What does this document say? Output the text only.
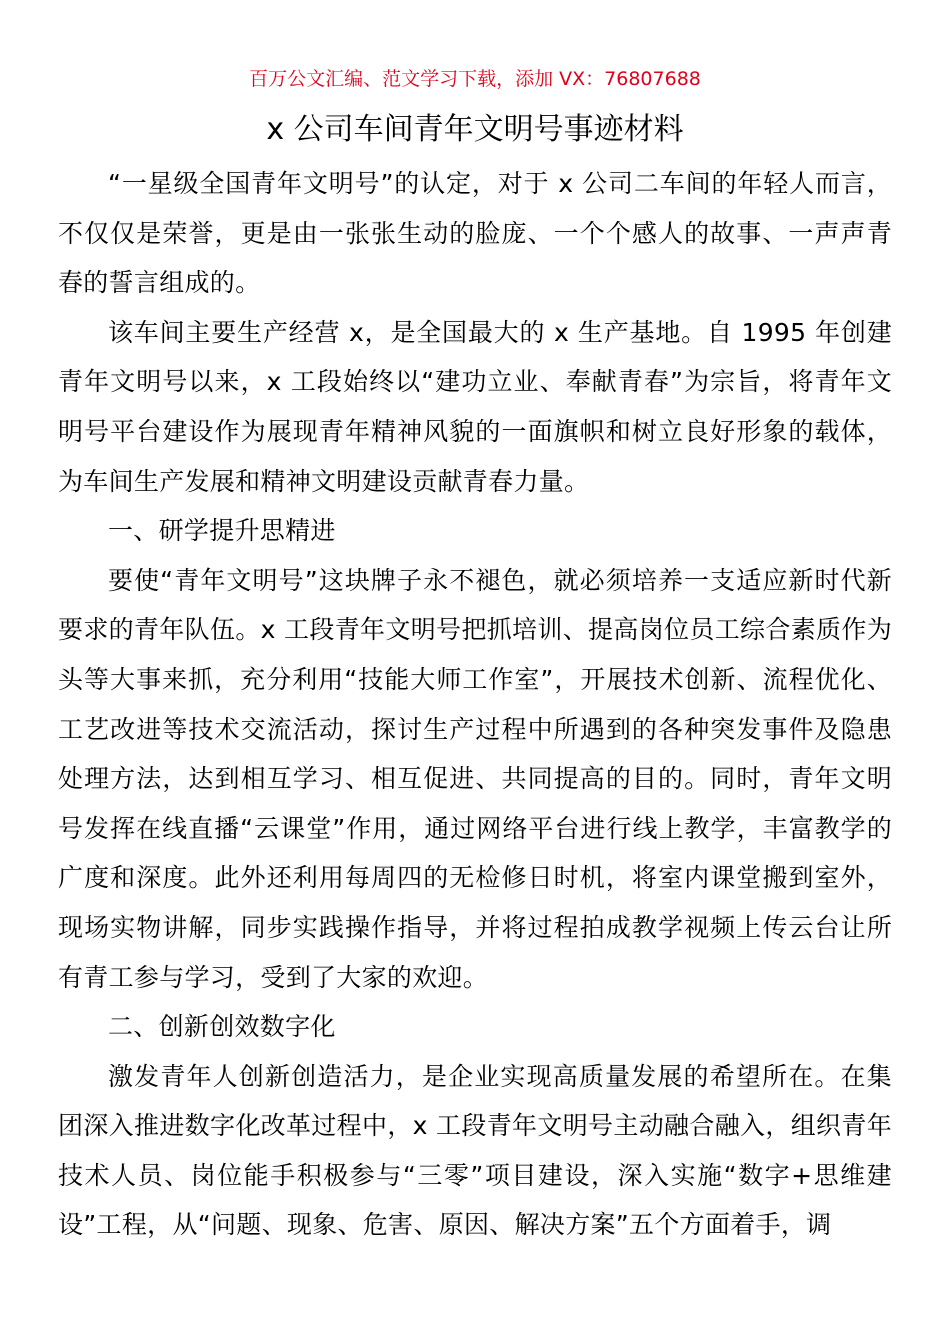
百万公文汇编、范文学习下载，添加 VX：76807688
x 公司车间青年文明号事迹材料

“一星级全国青年文明号”的认定，对于 x 公司二车间的年轻人而言，不仅仅是荣誉，更是由一张张生动的脸庞、一个个感人的故事、一声声青春的誓言组成的。

该车间主要生产经营 x，是全国最大的 x 生产基地。自 1995 年创建青年文明号以来，x 工段始终以“建功立业、奉献青春”为宗旨，将青年文明号平台建设作为展现青年精神风貌的一面旗帜和树立良好形象的载体，为车间生产发展和精神文明建设贡献青春力量。

一、研学提升思精进

要使“青年文明号”这块牌子永不褪色，就必须培养一支适应新时代新要求的青年队伍。x 工段青年文明号把抓培训、提高岗位员工综合素质作为头等大事来抓，充分利用“技能大师工作室”，开展技术创新、流程优化、工艺改进等技术交流活动，探讨生产过程中所遇到的各种突发事件及隐患处理方法，达到相互学习、相互促进、共同提高的目的。同时，青年文明号发挥在线直播“云课堂”作用，通过网络平台进行线上教学，丰富教学的广度和深度。此外还利用每周四的无检修日时机，将室内课堂搬到室外，现场实物讲解，同步实践操作指导，并将过程拍成教学视频上传云台让所有青工参与学习，受到了大家的欢迎。

二、创新创效数字化

激发青年人创新创造活力，是企业实现高质量发展的希望所在。在集团深入推进数字化改革过程中，x 工段青年文明号主动融合融入，组织青年技术人员、岗位能手积极参与“三零”项目建设，深入实施“数字+思维建设”工程，从“问题、现象、危害、原因、解决方案”五个方面着手，调
